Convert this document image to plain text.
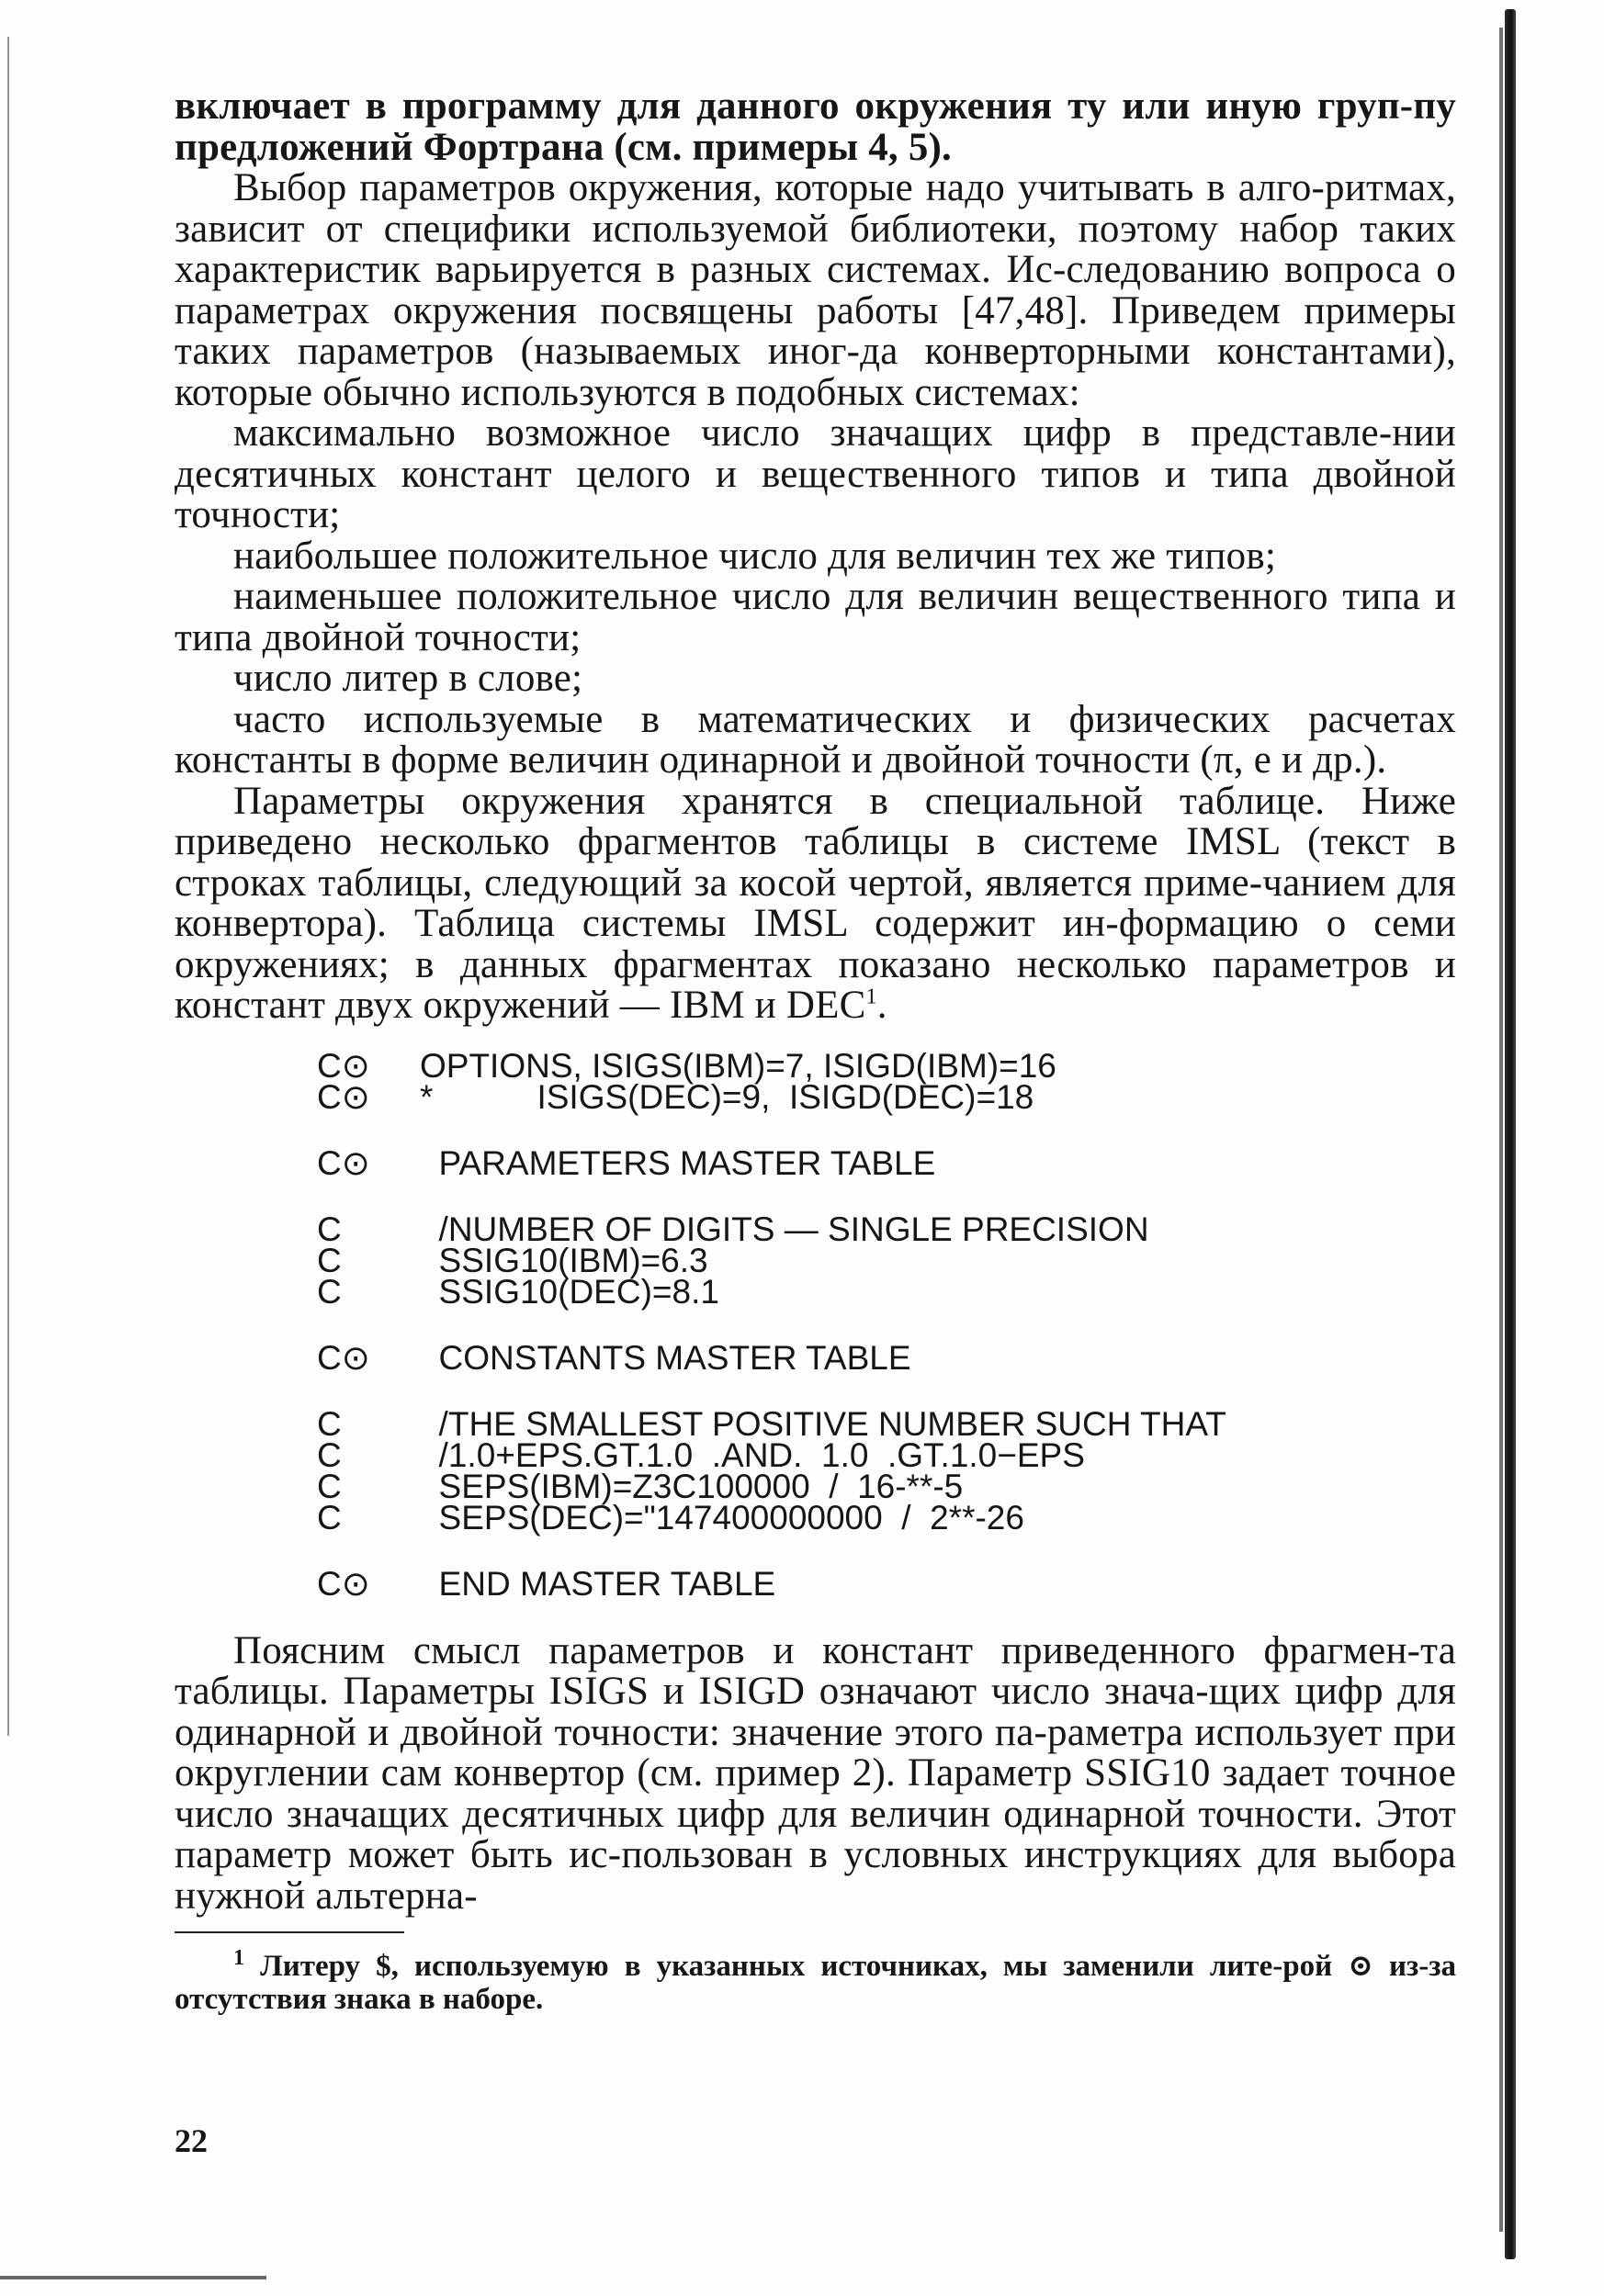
включает в программу для данного окружения ту или иную груп-пу предложений Фортрана (см. примеры 4, 5).

Выбор параметров окружения, которые надо учитывать в алго-ритмах, зависит от специфики используемой библиотеки, поэтому набор таких характеристик варьируется в разных системах. Ис-следованию вопроса о параметрах окружения посвящены работы [47,48]. Приведем примеры таких параметров (называемых иног-да конверторными константами), которые обычно используются в подобных системах:

максимально возможное число значащих цифр в представле-нии десятичных констант целого и вещественного типов и типа двойной точности;

наибольшее положительное число для величин тех же типов;

наименьшее положительное число для величин вещественного типа и типа двойной точности;

число литер в слове;

часто используемые в математических и физических расчетах константы в форме величин одинарной и двойной точности (π, е и др.).

Параметры окружения хранятся в специальной таблице. Ниже приведено несколько фрагментов таблицы в системе IMSL (текст в строках таблицы, следующий за косой чертой, является приме-чанием для конвертора). Таблица системы IMSL содержит ин-формацию о семи окружениях; в данных фрагментах показано несколько параметров и констант двух окружений — IBM и DEC$^1$.

C⊙	OPTIONS, ISIGS(IBM)=7, ISIGD(IBM)=16
C⊙	*           ISIGS(DEC)=9,  ISIGD(DEC)=18
C⊙	PARAMETERS MASTER TABLE
C	/NUMBER OF DIGITS — SINGLE PRECISION
C	SSIG10(IBM)=6.3
C	SSIG10(DEC)=8.1
C⊙	CONSTANTS MASTER TABLE
C	/THE SMALLEST POSITIVE NUMBER SUCH THAT
C	/1.0+EPS.GT.1.0  .AND.  1.0  .GT.1.0−EPS
C	SEPS(IBM)=Z3C100000  /  16-**-5
C	SEPS(DEC)="147400000000  /  2**-26
C⊙	END MASTER TABLE

Поясним смысл параметров и констант приведенного фрагмен-та таблицы. Параметры ISIGS и ISIGD означают число знача-щих цифр для одинарной и двойной точности: значение этого па-раметра использует при округлении сам конвертор (см. пример 2). Параметр SSIG10 задает точное число значащих десятичных цифр для величин одинарной точности. Этот параметр может быть ис-пользован в условных инструкциях для выбора нужной альтерна-

$^1$ Литеру $, используемую в указанных источниках, мы заменили лите-рой ⊙ из-за отсутствия знака в наборе.

22
